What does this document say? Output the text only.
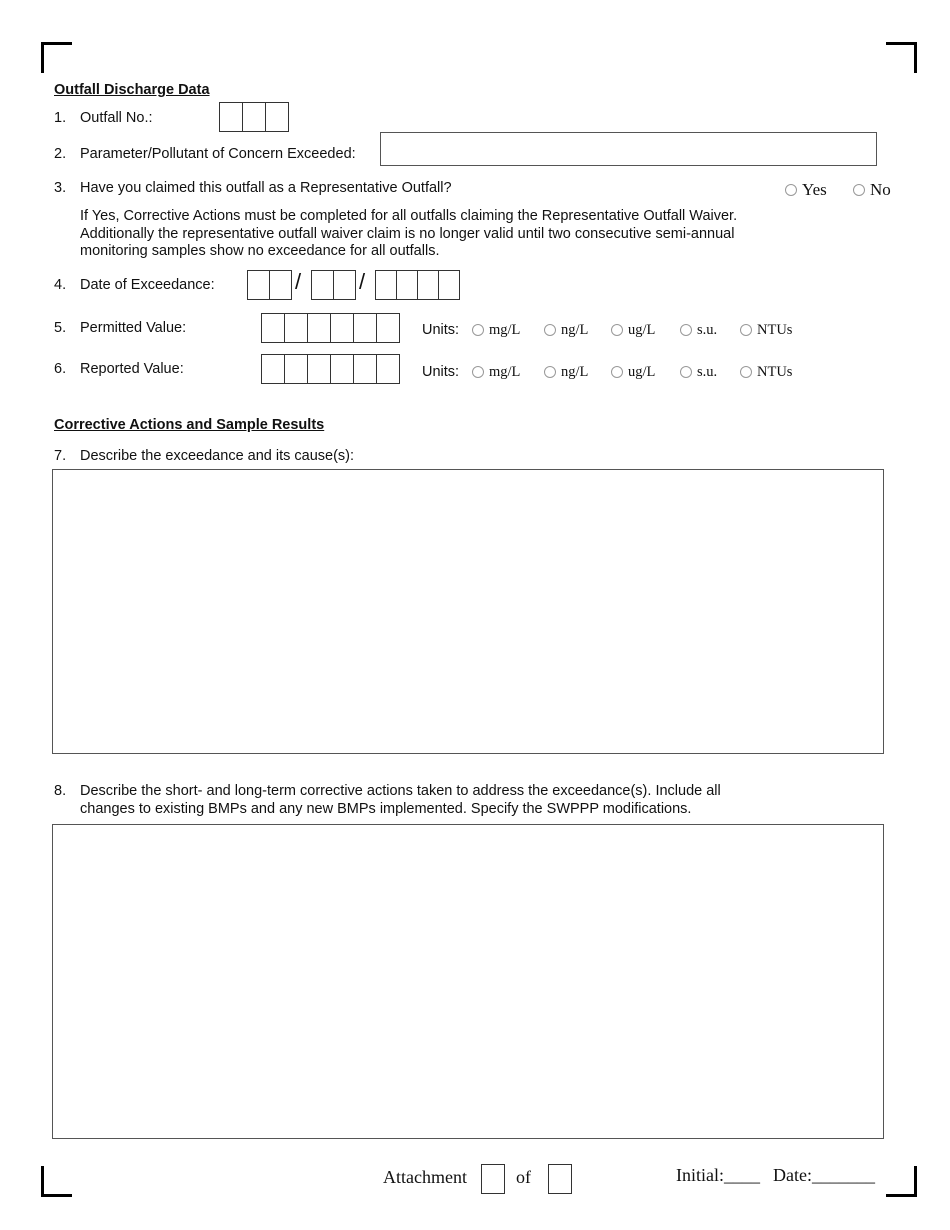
Outfall Discharge Data
1. Outfall No.:
2. Parameter/Pollutant of Concern Exceeded:
3. Have you claimed this outfall as a Representative Outfall?	Yes	No
If Yes, Corrective Actions must be completed for all outfalls claiming the Representative Outfall Waiver.
Additionally the representative outfall waiver claim is no longer valid until two consecutive semi-annual
monitoring samples show no exceedance for all outfalls.
4. Date of Exceedance:	/	/
5. Permitted Value:	Units:	mg/L	ng/L	ug/L	s.u.	NTUs
6. Reported Value:	Units:	mg/L	ng/L	ug/L	s.u.	NTUs
Corrective Actions and Sample Results
7. Describe the exceedance and its cause(s):
8. Describe the short- and long-term corrective actions taken to address the exceedance(s). Include all
changes to existing BMPs and any new BMPs implemented. Specify the SWPPP modifications.
Attachment	of	Initial:____ Date:_______
